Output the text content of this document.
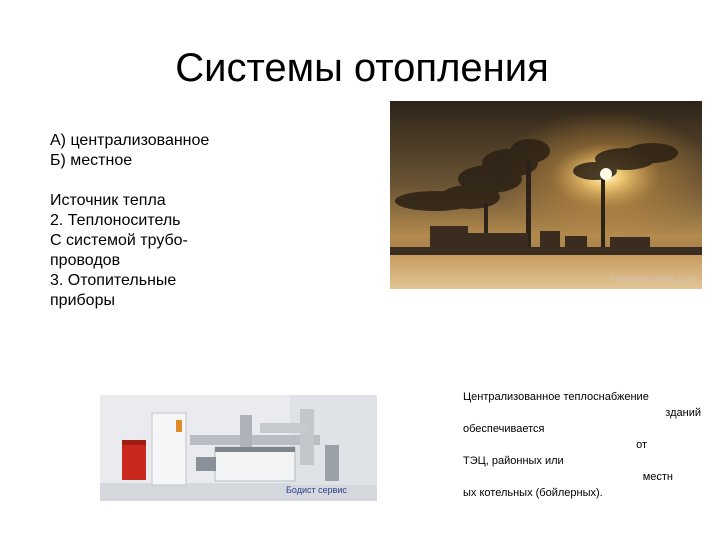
Системы отопления
А) централизованное
Б) местное
Источник тепла
2. Теплоноситель
С системой трубо-
проводов
3. Отопительные
приборы
Fotopanorama.com
Бодист сервис
Централизованное теплоснабжение
зданий
обеспечивается
от
ТЭЦ, районных или
местн
ых котельных (бойлерных).
